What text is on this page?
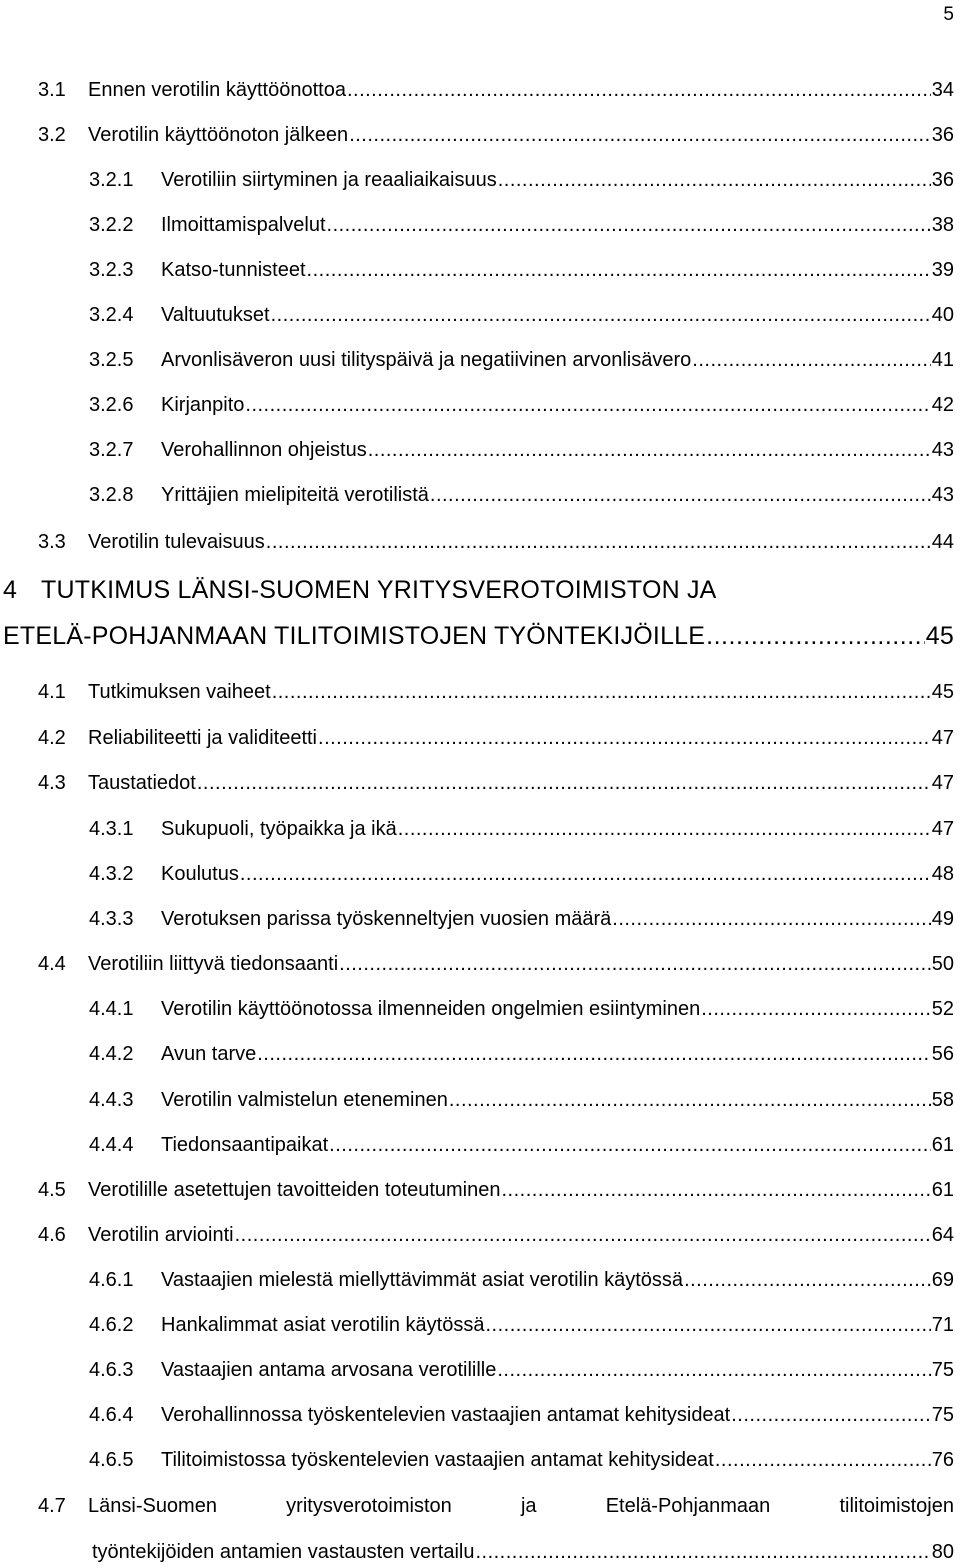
5
3.1	Ennen verotilin käyttöönottoa .....	34
3.2	Verotilin käyttöönoton jälkeen .....	36
3.2.1	Verotiliin siirtyminen ja reaaliaikaisuus .....	36
3.2.2	Ilmoittamispalvelut .....	38
3.2.3	Katso-tunnisteet .....	39
3.2.4	Valtuutukset .....	40
3.2.5	Arvonlisäveron uusi tilityspäivä ja negatiivinen arvonlisävero .....	41
3.2.6	Kirjanpito .....	42
3.2.7	Verohallinnon ohjeistus .....	43
3.2.8	Yrittäjien mielipiteitä verotilistä .....	43
3.3	Verotilin tulevaisuus .....	44
4 TUTKIMUS LÄNSI-SUOMEN YRITYSVEROTOIMISTON JA
ETELÄ-POHJANMAAN TILITOIMISTOJEN TYÖNTEKIJÖILLE .....	45
4.1	Tutkimuksen vaiheet .....	45
4.2	Reliabiliteetti ja validiteetti .....	47
4.3	Taustatiedot .....	47
4.3.1	Sukupuoli, työpaikka ja ikä .....	47
4.3.2	Koulutus .....	48
4.3.3	Verotuksen parissa työskenneltyjen vuosien määrä .....	49
4.4	Verotiliin liittyvä tiedonsaanti .....	50
4.4.1	Verotilin käyttöönotossa ilmenneiden ongelmien esiintyminen .....	52
4.4.2	Avun tarve .....	56
4.4.3	Verotilin valmistelun eteneminen .....	58
4.4.4	Tiedonsaantipaikat .....	61
4.5	Verotilille asetettujen tavoitteiden toteutuminen .....	61
4.6	Verotilin arviointi .....	64
4.6.1	Vastaajien mielestä miellyttävimmät asiat verotilin käytössä .....	69
4.6.2	Hankalimmat asiat verotilin käytössä .....	71
4.6.3	Vastaajien antama arvosana verotilille .....	75
4.6.4	Verohallinnossa työskentelevien vastaajien antamat kehitysideat .....	75
4.6.5	Tilitoimistossa työskentelevien vastaajien antamat kehitysideat .....	76
4.7	Länsi-Suomen	yritysverotoimiston	ja	Etelä-Pohjanmaan	tilitoimistojen
työntekijöiden antamien vastausten vertailu .....	80
